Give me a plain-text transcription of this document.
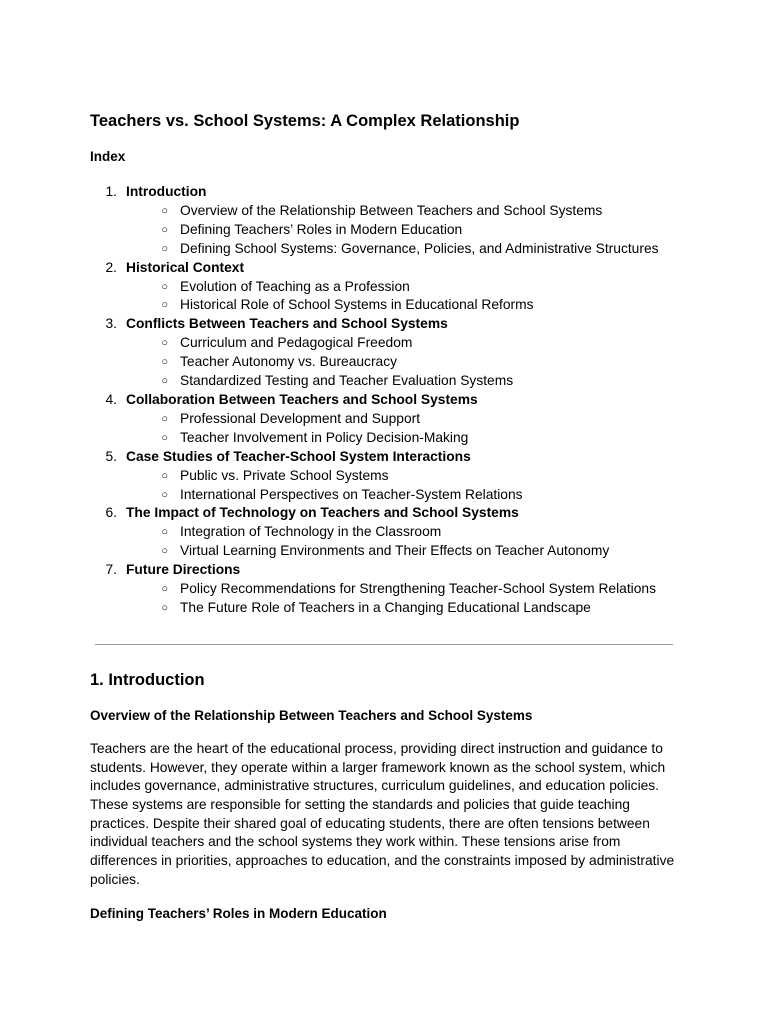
Teachers vs. School Systems: A Complex Relationship
Index
1. Introduction
○ Overview of the Relationship Between Teachers and School Systems
○ Defining Teachers’ Roles in Modern Education
○ Defining School Systems: Governance, Policies, and Administrative Structures
2. Historical Context
○ Evolution of Teaching as a Profession
○ Historical Role of School Systems in Educational Reforms
3. Conflicts Between Teachers and School Systems
○ Curriculum and Pedagogical Freedom
○ Teacher Autonomy vs. Bureaucracy
○ Standardized Testing and Teacher Evaluation Systems
4. Collaboration Between Teachers and School Systems
○ Professional Development and Support
○ Teacher Involvement in Policy Decision-Making
5. Case Studies of Teacher-School System Interactions
○ Public vs. Private School Systems
○ International Perspectives on Teacher-System Relations
6. The Impact of Technology on Teachers and School Systems
○ Integration of Technology in the Classroom
○ Virtual Learning Environments and Their Effects on Teacher Autonomy
7. Future Directions
○ Policy Recommendations for Strengthening Teacher-School System Relations
○ The Future Role of Teachers in a Changing Educational Landscape
1. Introduction
Overview of the Relationship Between Teachers and School Systems

Teachers are the heart of the educational process, providing direct instruction and guidance to students. However, they operate within a larger framework known as the school system, which includes governance, administrative structures, curriculum guidelines, and education policies. These systems are responsible for setting the standards and policies that guide teaching practices. Despite their shared goal of educating students, there are often tensions between individual teachers and the school systems they work within. These tensions arise from differences in priorities, approaches to education, and the constraints imposed by administrative policies.

Defining Teachers’ Roles in Modern Education
